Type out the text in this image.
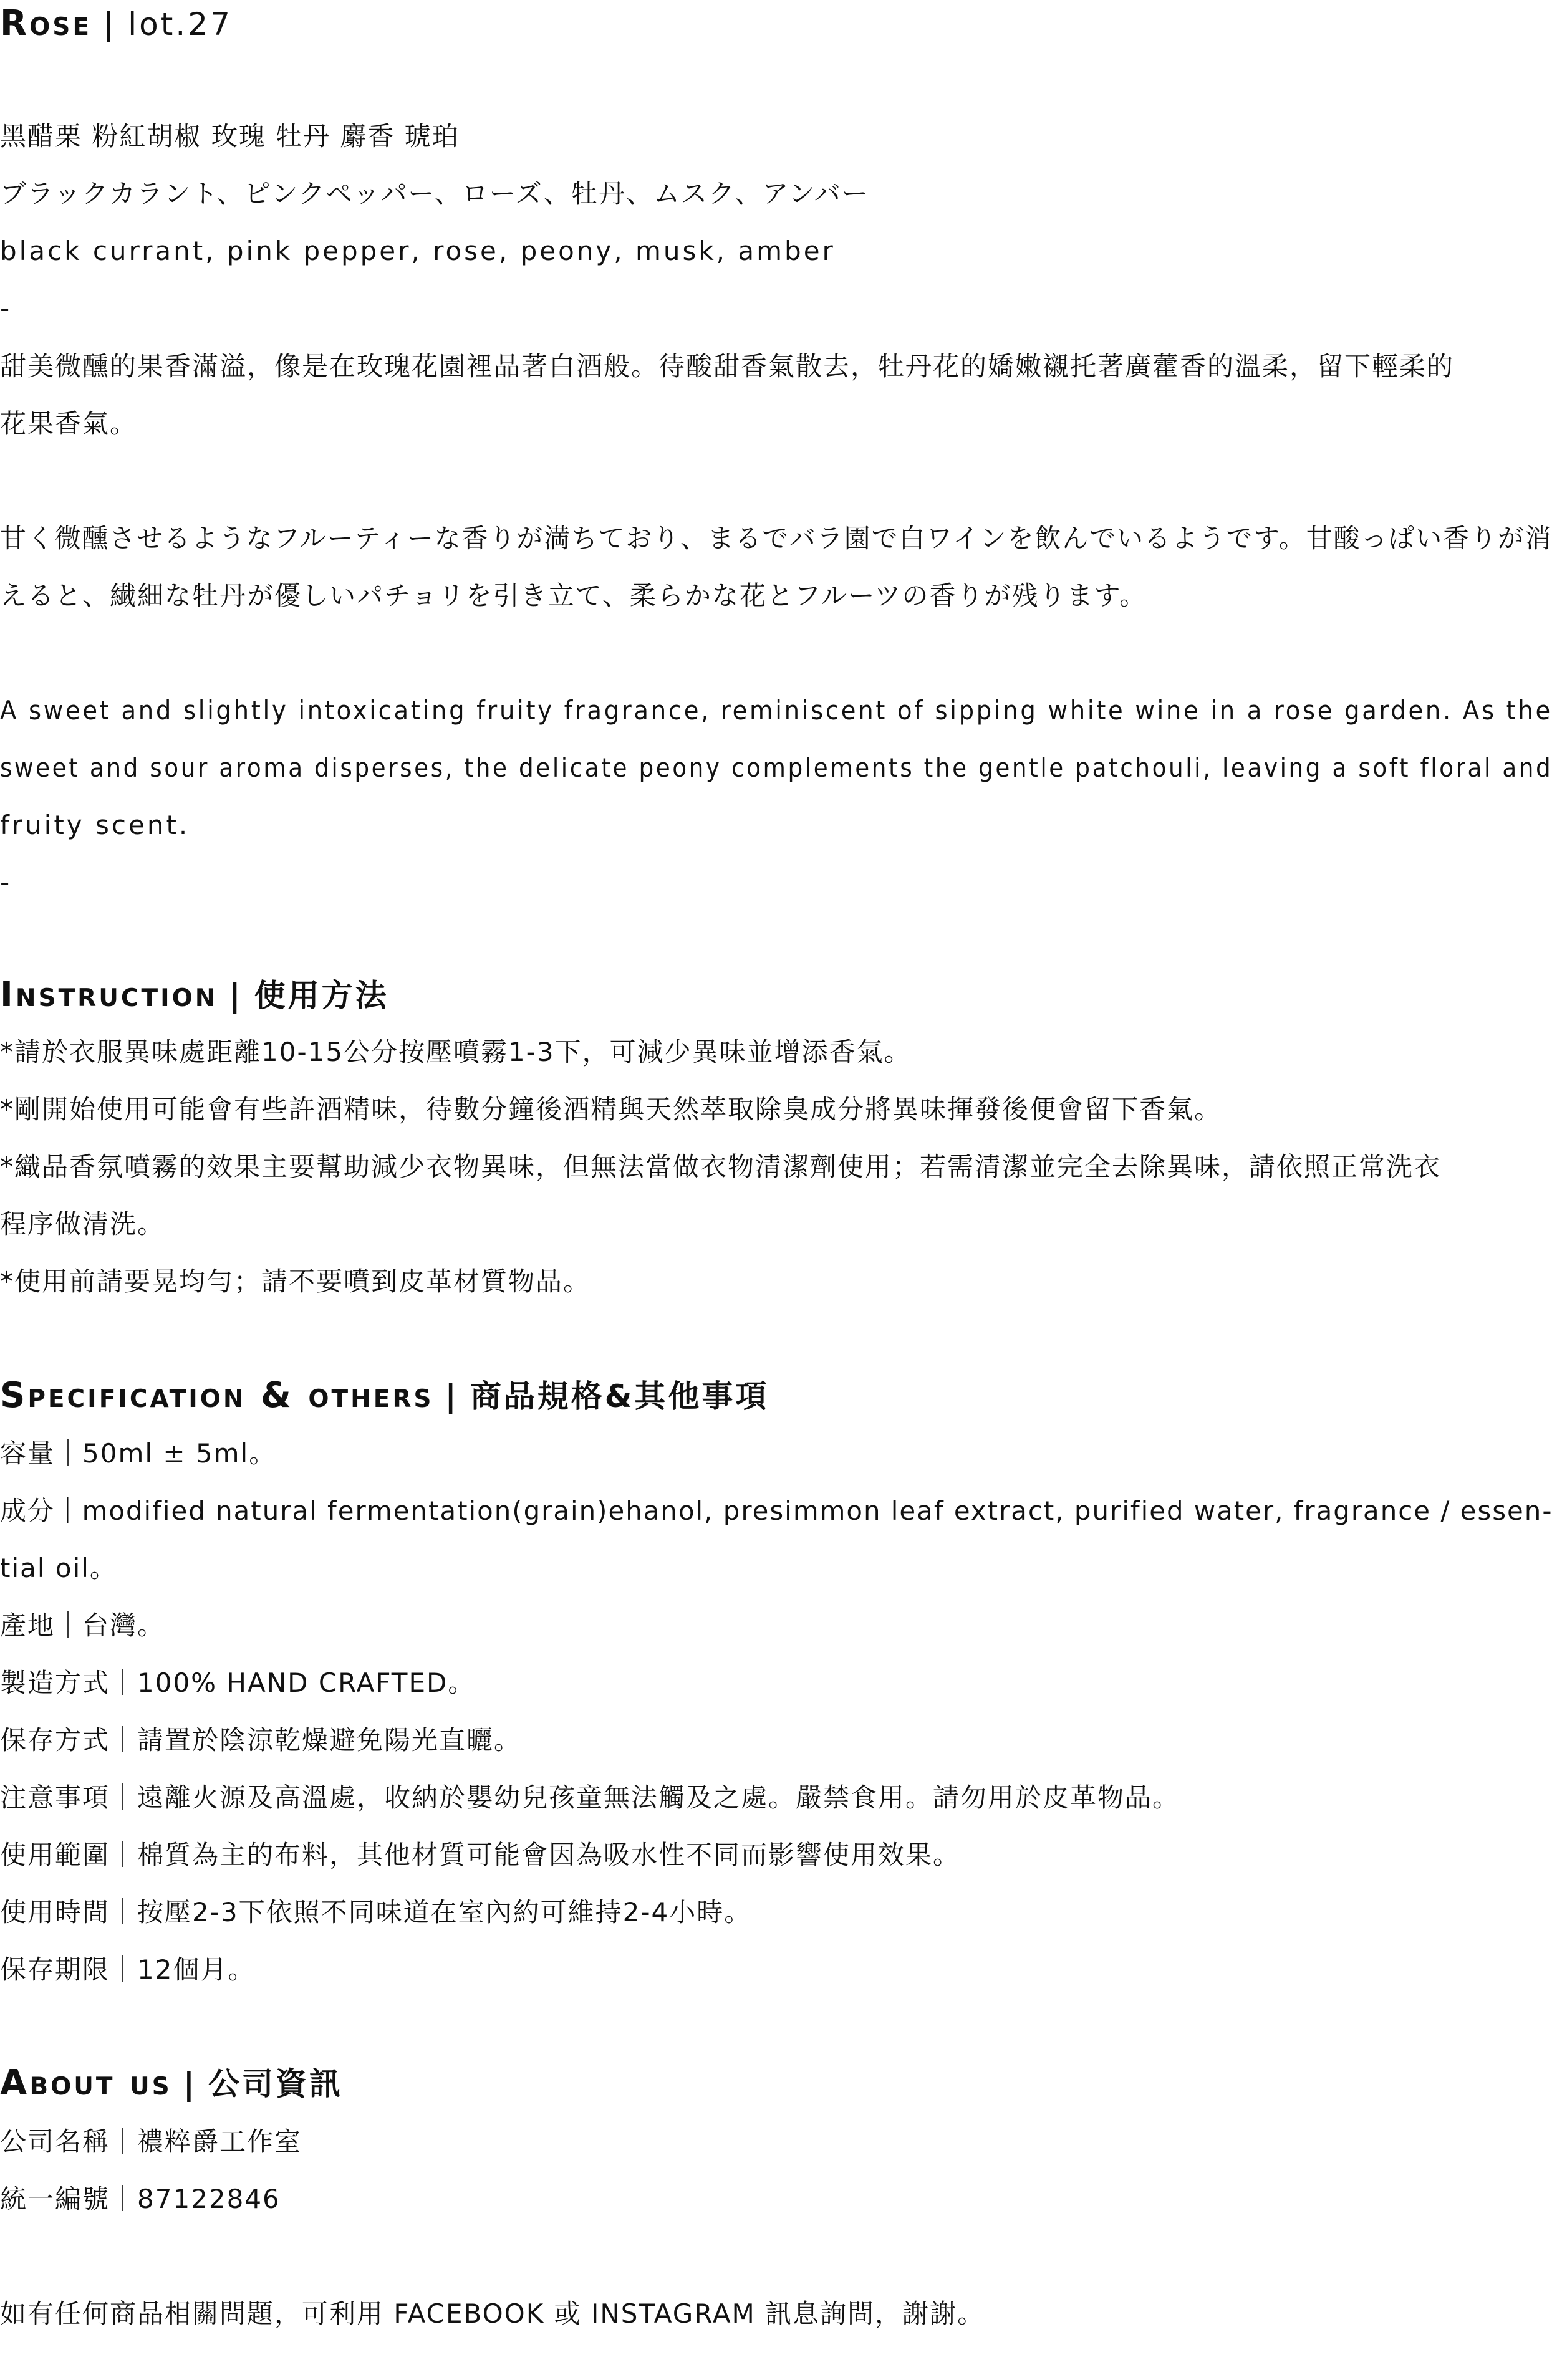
Rose | lot.27
黑醋栗 粉紅胡椒 玫瑰 牡丹 麝香 琥珀
ブラックカラント、ピンクペッパー、ローズ、牡丹、ムスク、アンバー
black currant, pink pepper, rose, peony, musk, amber
-
甜美微醺的果香滿溢，像是在玫瑰花園裡品著白酒般。待酸甜香氣散去，牡丹花的嬌嫩襯托著廣藿香的溫柔，留下輕柔的
花果香氣。
甘く微醺させるようなフルーティーな香りが満ちており、まるでバラ園で白ワインを飲んでいるようです。甘酸っぱい香りが消
えると、繊細な牡丹が優しいパチョリを引き立て、柔らかな花とフルーツの香りが残ります。
A sweet and slightly intoxicating fruity fragrance, reminiscent of sipping white wine in a rose garden. As the
sweet and sour aroma disperses, the delicate peony complements the gentle patchouli, leaving a soft floral and
fruity scent.
-
Instruction | 使用方法
*請於衣服異味處距離10-15公分按壓噴霧1-3下，可減少異味並增添香氣。
*剛開始使用可能會有些許酒精味，待數分鐘後酒精與天然萃取除臭成分將異味揮發後便會留下香氣。
*織品香氛噴霧的效果主要幫助減少衣物異味，但無法當做衣物清潔劑使用；若需清潔並完全去除異味，請依照正常洗衣
程序做清洗。
*使用前請要晃均勻；請不要噴到皮革材質物品。
Specification & others | 商品規格&其他事項
容量｜50ml ± 5ml。
成分｜modified natural fermentation(grain)ehanol, presimmon leaf extract, purified water, fragrance / essen-
tial oil。
產地｜台灣。
製造方式｜100% HAND CRAFTED。
保存方式｜請置於陰涼乾燥避免陽光直曬。
注意事項｜遠離火源及高溫處，收納於嬰幼兒孩童無法觸及之處。嚴禁食用。請勿用於皮革物品。
使用範圍｜棉質為主的布料，其他材質可能會因為吸水性不同而影響使用效果。
使用時間｜按壓2-3下依照不同味道在室內約可維持2-4小時。
保存期限｜12個月。
About us | 公司資訊
公司名稱｜禯粹爵工作室
統一編號｜87122846
如有任何商品相關問題，可利用 FACEBOOK 或 INSTAGRAM 訊息詢問，謝謝。
